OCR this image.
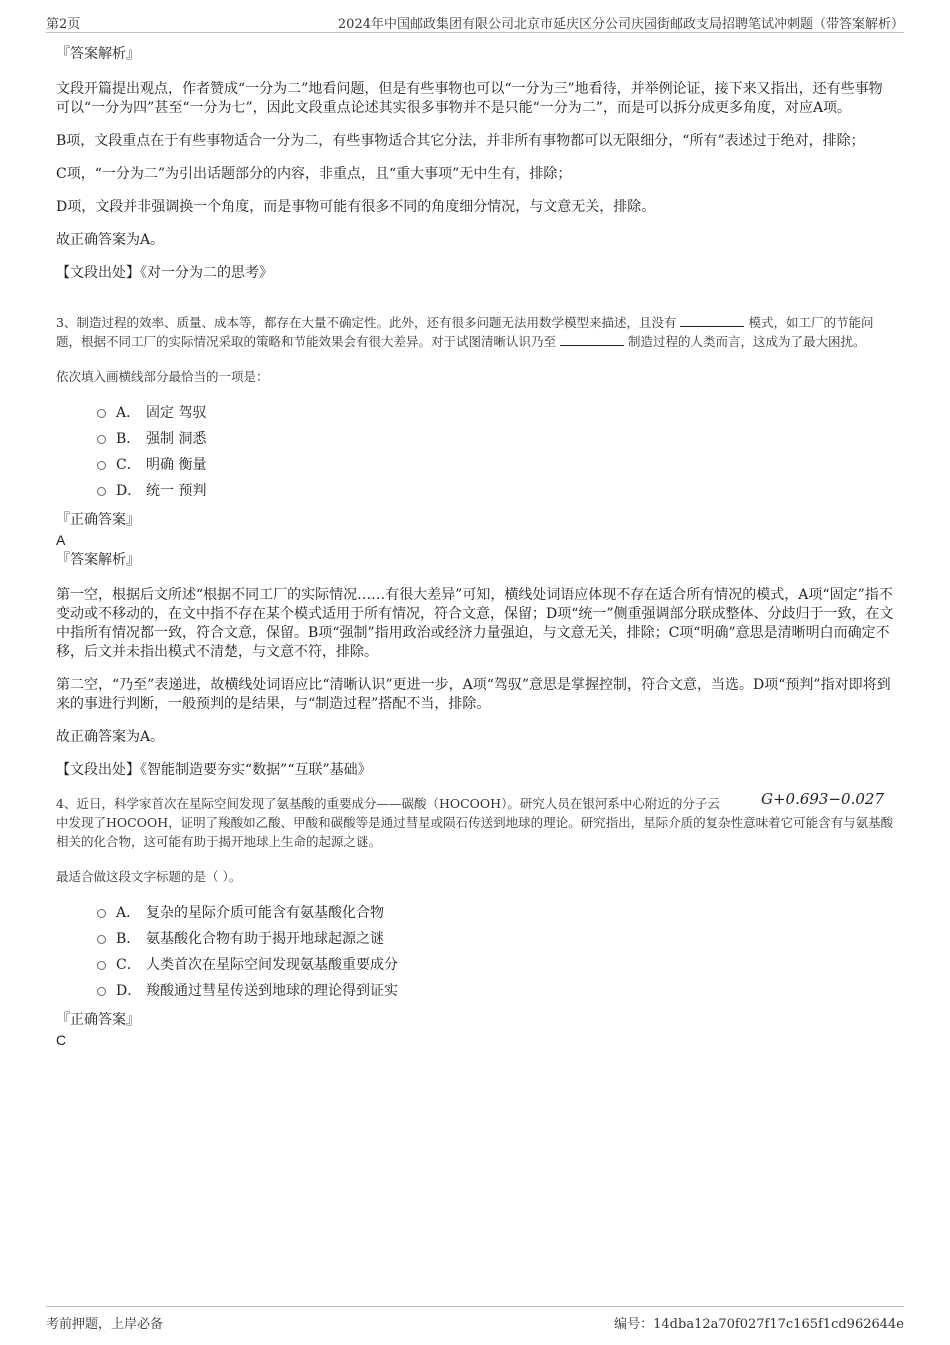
第2页	2024年中国邮政集团有限公司北京市延庆区分公司庆园街邮政支局招聘笔试冲刺题（带答案解析）

『答案解析』

文段开篇提出观点，作者赞成“一分为二”地看问题，但是有些事物也可以“一分为三”地看待，并举例论证，接下来又指出，还有些事物可以“一分为四”甚至“一分为七”，因此文段重点论述其实很多事物并不是只能“一分为二”，而是可以拆分成更多角度，对应A项。

B项，文段重点在于有些事物适合一分为二，有些事物适合其它分法，并非所有事物都可以无限细分，“所有”表述过于绝对，排除；

C项，“一分为二”为引出话题部分的内容，非重点，且“重大事项”无中生有，排除；

D项，文段并非强调换一个角度，而是事物可能有很多不同的角度细分情况，与文意无关，排除。

故正确答案为A。

【文段出处】《对一分为二的思考》

3、制造过程的效率、质量、成本等，都存在大量不确定性。此外，还有很多问题无法用数学模型来描述，且没有	模式，如工厂的节能问题，根据不同工厂的实际情况采取的策略和节能效果会有很大差异。对于试图清晰认识乃至	制造过程的人类而言，这成为了最大困扰。

依次填入画横线部分最恰当的一项是：

A． 固定 驾驭
B． 强制 洞悉
C． 明确 衡量
D． 统一 预判

『正确答案』

A

『答案解析』

第一空，根据后文所述“根据不同工厂的实际情况……有很大差异”可知，横线处词语应体现不存在适合所有情况的模式，A项“固定”指不变动或不移动的，在文中指不存在某个模式适用于所有情况，符合文意，保留；D项“统一”侧重强调部分联成整体、分歧归于一致，在文中指所有情况都一致，符合文意，保留。B项“强制”指用政治或经济力量强迫，与文意无关，排除；C项“明确”意思是清晰明白而确定不移，后文并未指出模式不清楚，与文意不符，排除。

第二空，“乃至”表递进，故横线处词语应比“清晰认识”更进一步，A项“驾驭”意思是掌握控制，符合文意，当选。D项“预判”指对即将到来的事进行判断，一般预判的是结果，与“制造过程”搭配不当，排除。

故正确答案为A。

【文段出处】《智能制造要夯实“数据”“互联”基础》

G+0.693−0.027

4、近日，科学家首次在星际空间发现了氨基酸的重要成分——碳酸（HOCOOH）。研究人员在银河系中心附近的分子云

中发现了HOCOOH，证明了羧酸如乙酸、甲酸和碳酸等是通过彗星或陨石传送到地球的理论。研究指出，星际介质的复杂性意味着它可能含有与氨基酸相关的化合物，这可能有助于揭开地球上生命的起源之谜。

最适合做这段文字标题的是（ ）。

A． 复杂的星际介质可能含有氨基酸化合物
B． 氨基酸化合物有助于揭开地球起源之谜
C． 人类首次在星际空间发现氨基酸重要成分
D． 羧酸通过彗星传送到地球的理论得到证实

『正确答案』

C

考前押题，上岸必备	编号：14dba12a70f027f17c165f1cd962644e
